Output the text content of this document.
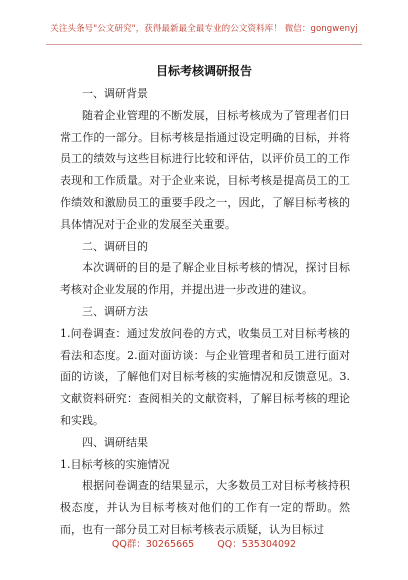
关注头条号"公文研究"，获得最新最全最专业的公文资料库！ 微信：gongwenyj
目标考核调研报告

一、调研背景

随着企业管理的不断发展，目标考核成为了管理者们日常工作的一部分。目标考核是指通过设定明确的目标，并将员工的绩效与这些目标进行比较和评估，以评价员工的工作表现和工作质量。对于企业来说，目标考核是提高员工的工作绩效和激励员工的重要手段之一，因此，了解目标考核的具体情况对于企业的发展至关重要。

二、调研目的

本次调研的目的是了解企业目标考核的情况，探讨目标考核对企业发展的作用，并提出进一步改进的建议。

三、调研方法

1.问卷调查：通过发放问卷的方式，收集员工对目标考核的看法和态度。2.面对面访谈：与企业管理者和员工进行面对面的访谈，了解他们对目标考核的实施情况和反馈意见。3.文献资料研究：查阅相关的文献资料，了解目标考核的理论和实践。

四、调研结果

1.目标考核的实施情况

根据问卷调查的结果显示，大多数员工对目标考核持积极态度，并认为目标考核对他们的工作有一定的帮助。然而，也有一部分员工对目标考核表示质疑，认为目标过

QQ群：30265665 QQ：535304092
